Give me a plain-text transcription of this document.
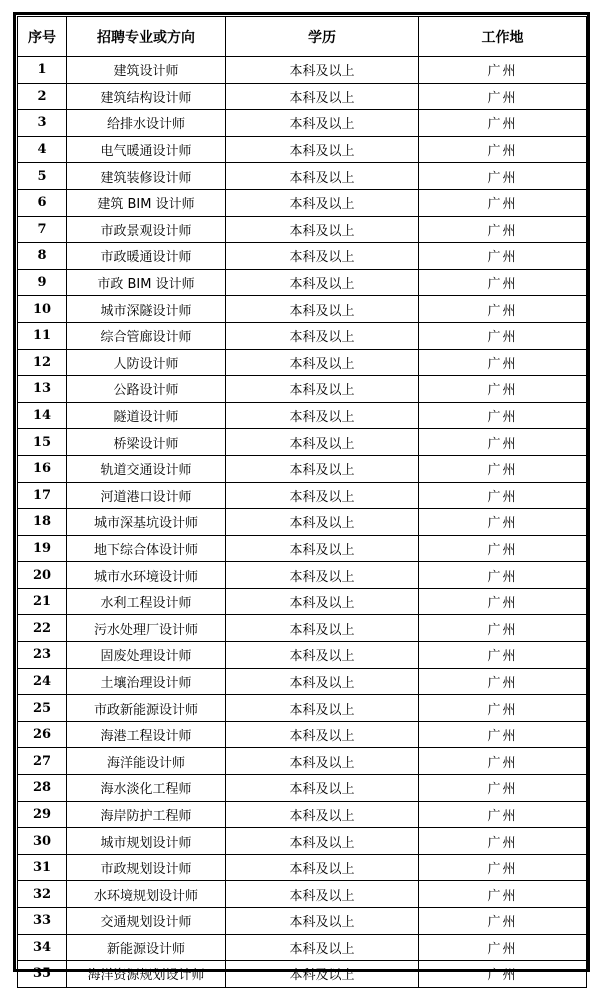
序号	招聘专业或方向	学历	工作地
1	建筑设计师	本科及以上	广州
2	建筑结构设计师	本科及以上	广州
3	给排水设计师	本科及以上	广州
4	电气暖通设计师	本科及以上	广州
5	建筑装修设计师	本科及以上	广州
6	建筑 BIM 设计师	本科及以上	广州
7	市政景观设计师	本科及以上	广州
8	市政暖通设计师	本科及以上	广州
9	市政 BIM 设计师	本科及以上	广州
10	城市深隧设计师	本科及以上	广州
11	综合管廊设计师	本科及以上	广州
12	人防设计师	本科及以上	广州
13	公路设计师	本科及以上	广州
14	隧道设计师	本科及以上	广州
15	桥梁设计师	本科及以上	广州
16	轨道交通设计师	本科及以上	广州
17	河道港口设计师	本科及以上	广州
18	城市深基坑设计师	本科及以上	广州
19	地下综合体设计师	本科及以上	广州
20	城市水环境设计师	本科及以上	广州
21	水利工程设计师	本科及以上	广州
22	污水处理厂设计师	本科及以上	广州
23	固废处理设计师	本科及以上	广州
24	土壤治理设计师	本科及以上	广州
25	市政新能源设计师	本科及以上	广州
26	海港工程设计师	本科及以上	广州
27	海洋能设计师	本科及以上	广州
28	海水淡化工程师	本科及以上	广州
29	海岸防护工程师	本科及以上	广州
30	城市规划设计师	本科及以上	广州
31	市政规划设计师	本科及以上	广州
32	水环境规划设计师	本科及以上	广州
33	交通规划设计师	本科及以上	广州
34	新能源设计师	本科及以上	广州
35	海洋资源规划设计师	本科及以上	广州
